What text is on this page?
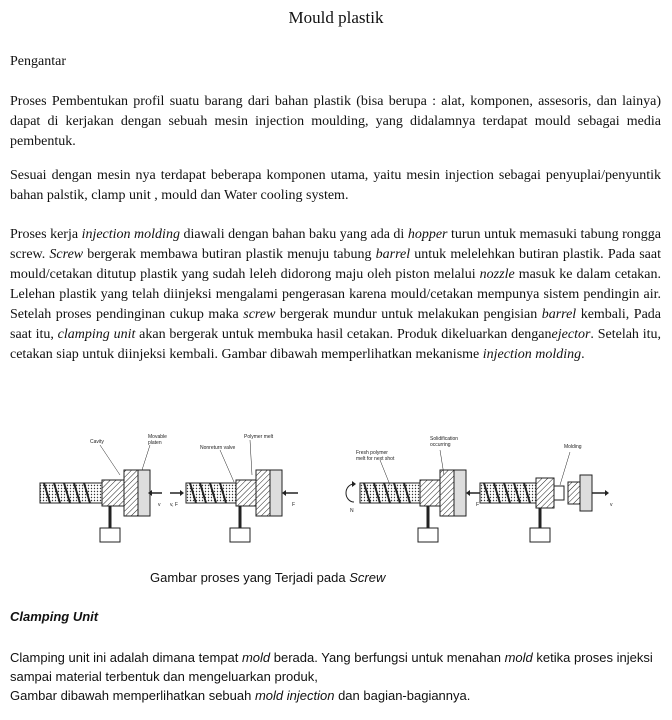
Mould plastik
Pengantar
Proses Pembentukan profil suatu barang dari bahan plastik (bisa berupa : alat, komponen, assesoris, dan lainya) dapat di kerjakan dengan sebuah mesin injection moulding, yang didalamnya terdapat mould sebagai media pembentuk.
Sesuai dengan mesin nya terdapat beberapa komponen utama, yaitu mesin injection sebagai penyuplai/penyuntik bahan palstik, clamp unit , mould dan Water cooling system.
Proses kerja injection molding diawali dengan bahan baku yang ada di hopper turun untuk memasuki tabung rongga screw. Screw bergerak membawa butiran plastik menuju tabung barrel untuk melelehkan butiran plastik. Pada saat mould/cetakan ditutup plastik yang sudah leleh didorong maju oleh piston melalui nozzle masuk ke dalam cetakan. Lelehan plastik yang telah diinjeksi mengalami pengerasan karena mould/cetakan mempunya sistem pendingin air. Setelah proses pendinginan cukup maka screw bergerak mundur untuk melakukan pengisian barrel kembali, Pada saat itu, clamping unit akan bergerak untuk membuka hasil cetakan. Produk dikeluarkan denganejector. Setelah itu, cetakan siap untuk diinjeksi kembali. Gambar dibawah memperlihatkan mekanisme injection molding.
Cavity
Movable
platen
v
Polymer melt
Nonreturn valve
v, F	F
Fresh polymer
melt for next shot
Solidification
occurring
N
F
Molding
v
Gambar proses yang Terjadi pada Screw
Clamping Unit
Clamping unit ini adalah dimana tempat mold berada. Yang berfungsi untuk menahan mold ketika proses injeksi sampai material terbentuk dan mengeluarkan produk,
Gambar dibawah memperlihatkan sebuah mold injection dan bagian-bagiannya.
